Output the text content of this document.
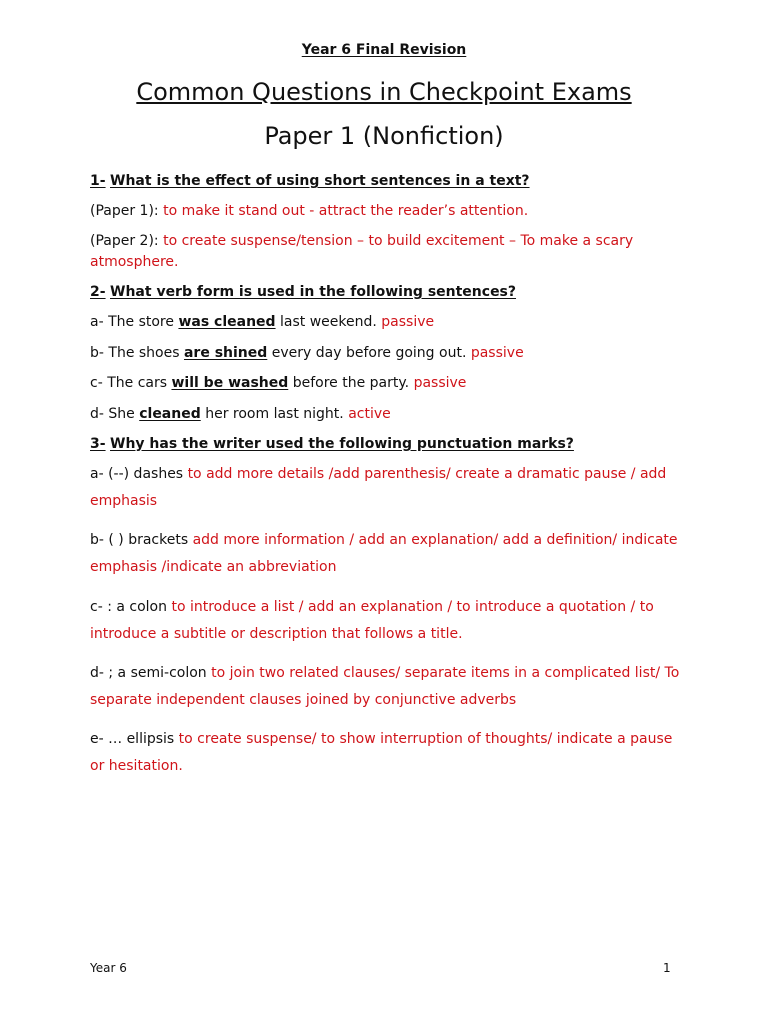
Year 6 Final Revision
Common Questions in Checkpoint Exams
Paper 1 (Nonfiction)
1- What is the effect of using short sentences in a text?
(Paper 1): to make it stand out - attract the reader’s attention.
(Paper 2): to create suspense/tension – to build excitement – To make a scary atmosphere.
2- What verb form is used in the following sentences?
a- The store was cleaned last weekend. passive
b- The shoes are shined every day before going out. passive
c- The cars will be washed before the party. passive
d- She cleaned her room last night. active
3- Why has the writer used the following punctuation marks?
a- (--) dashes to add more details /add parenthesis/ create a dramatic pause / add emphasis
b- ( ) brackets add more information / add an explanation/ add a definition/ indicate emphasis /indicate an abbreviation
c- : a colon to introduce a list / add an explanation / to introduce a quotation / to introduce a subtitle or description that follows a title.
d- ; a semi-colon to join two related clauses/ separate items in a complicated list/ To separate independent clauses joined by conjunctive adverbs
e- … ellipsis to create suspense/ to show interruption of thoughts/ indicate a pause or hesitation.
Year 6	1
